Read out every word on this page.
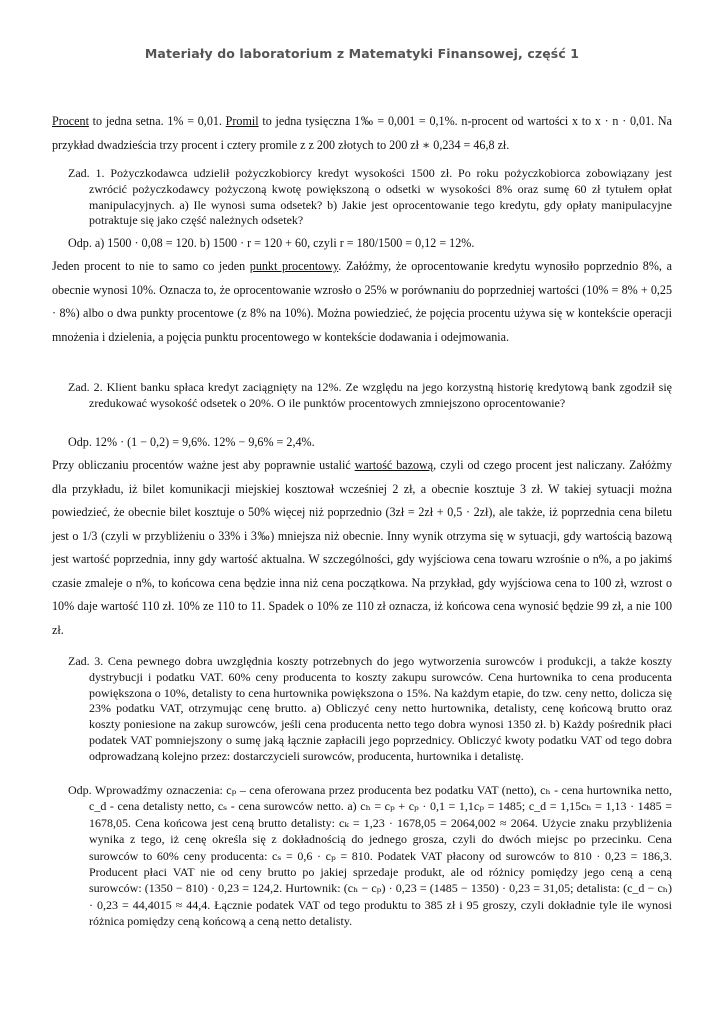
Materiały do laboratorium z Matematyki Finansowej, część 1

Procent to jedna setna. 1% = 0,01. Promil to jedna tysięczna 1‰ = 0,001 = 0,1%. n-procent od wartości x to x · n · 0,01. Na przykład dwadzieścia trzy procent i cztery promile z z 200 złotych to 200 zł ∗ 0,234 = 46,8 zł.

Zad. 1. Pożyczkodawca udzielił pożyczkobiorcy kredyt wysokości 1500 zł. Po roku pożyczkobiorca zobowiązany jest zwrócić pożyczkodawcy pożyczoną kwotę powiększoną o odsetki w wysokości 8% oraz sumę 60 zł tytułem opłat manipulacyjnych. a) Ile wynosi suma odsetek? b) Jakie jest oprocentowanie tego kredytu, gdy opłaty manipulacyjne potraktuje się jako część należnych odsetek?

Odp. a) 1500 · 0,08 = 120. b) 1500 · r = 120 + 60, czyli r = 180/1500 = 0,12 = 12%.

Jeden procent to nie to samo co jeden punkt procentowy. Załóżmy, że oprocentowanie kredytu wynosiło poprzednio 8%, a obecnie wynosi 10%. Oznacza to, że oprocentowanie wzrosło o 25% w porównaniu do poprzedniej wartości (10% = 8% + 0,25 · 8%) albo o dwa punkty procentowe (z 8% na 10%). Można powiedzieć, że pojęcia procentu używa się w kontekście operacji mnożenia i dzielenia, a pojęcia punktu procentowego w kontekście dodawania i odejmowania.

Zad. 2. Klient banku spłaca kredyt zaciągnięty na 12%. Ze względu na jego korzystną historię kredytową bank zgodził się zredukować wysokość odsetek o 20%. O ile punktów procentowych zmniejszono oprocentowanie?

Odp. 12% · (1 − 0,2) = 9,6%. 12% − 9,6% = 2,4%.

Przy obliczaniu procentów ważne jest aby poprawnie ustalić wartość bazową, czyli od czego procent jest naliczany. Załóżmy dla przykładu, iż bilet komunikacji miejskiej kosztował wcześniej 2 zł, a obecnie kosztuje 3 zł. W takiej sytuacji można powiedzieć, że obecnie bilet kosztuje o 50% więcej niż poprzednio (3zł = 2zł + 0,5 · 2zł), ale także, iż poprzednia cena biletu jest o 1/3 (czyli w przybliżeniu o 33% i 3‰) mniejsza niż obecnie. Inny wynik otrzyma się w sytuacji, gdy wartością bazową jest wartość poprzednia, inny gdy wartość aktualna. W szczególności, gdy wyjściowa cena towaru wzrośnie o n%, a po jakimś czasie zmaleje o n%, to końcowa cena będzie inna niż cena początkowa. Na przykład, gdy wyjściowa cena to 100 zł, wzrost o 10% daje wartość 110 zł. 10% ze 110 to 11. Spadek o 10% ze 110 zł oznacza, iż końcowa cena wynosić będzie 99 zł, a nie 100 zł.

Zad. 3. Cena pewnego dobra uwzględnia koszty potrzebnych do jego wytworzenia surowców i produkcji, a także koszty dystrybucji i podatku VAT. 60% ceny producenta to koszty zakupu surowców. Cena hurtownika to cena producenta powiększona o 10%, detalisty to cena hurtownika powiększona o 15%. Na każdym etapie, do tzw. ceny netto, dolicza się 23% podatku VAT, otrzymując cenę brutto. a) Obliczyć ceny netto hurtownika, detalisty, cenę końcową brutto oraz koszty poniesione na zakup surowców, jeśli cena producenta netto tego dobra wynosi 1350 zł. b) Każdy pośrednik płaci podatek VAT pomniejszony o sumę jaką łącznie zapłacili jego poprzednicy. Obliczyć kwoty podatku VAT od tego dobra odprowadzaną kolejno przez: dostarczycieli surowców, producenta, hurtownika i detalistę.

Odp. Wprowadźmy oznaczenia: cₚ – cena oferowana przez producenta bez podatku VAT (netto), cₕ - cena hurtownika netto, c_d - cena detalisty netto, cₛ - cena surowców netto. a) cₕ = cₚ + cₚ · 0,1 = 1,1cₚ = 1485; c_d = 1,15cₕ = 1,13 · 1485 = 1678,05. Cena końcowa jest ceną brutto detalisty: cₖ = 1,23 · 1678,05 = 2064,002 ≈ 2064. Użycie znaku przybliżenia wynika z tego, iż cenę określa się z dokładnością do jednego grosza, czyli do dwóch miejsc po przecinku. Cena surowców to 60% ceny producenta: cₛ = 0,6 · cₚ = 810. Podatek VAT płacony od surowców to 810 · 0,23 = 186,3. Producent płaci VAT nie od ceny brutto po jakiej sprzedaje produkt, ale od różnicy pomiędzy jego ceną a ceną surowców: (1350 − 810) · 0,23 = 124,2. Hurtownik: (cₕ − cₚ) · 0,23 = (1485 − 1350) · 0,23 = 31,05; detalista: (c_d − cₕ) · 0,23 = 44,4015 ≈ 44,4. Łącznie podatek VAT od tego produktu to 385 zł i 95 groszy, czyli dokładnie tyle ile wynosi różnica pomiędzy ceną końcową a ceną netto detalisty.
